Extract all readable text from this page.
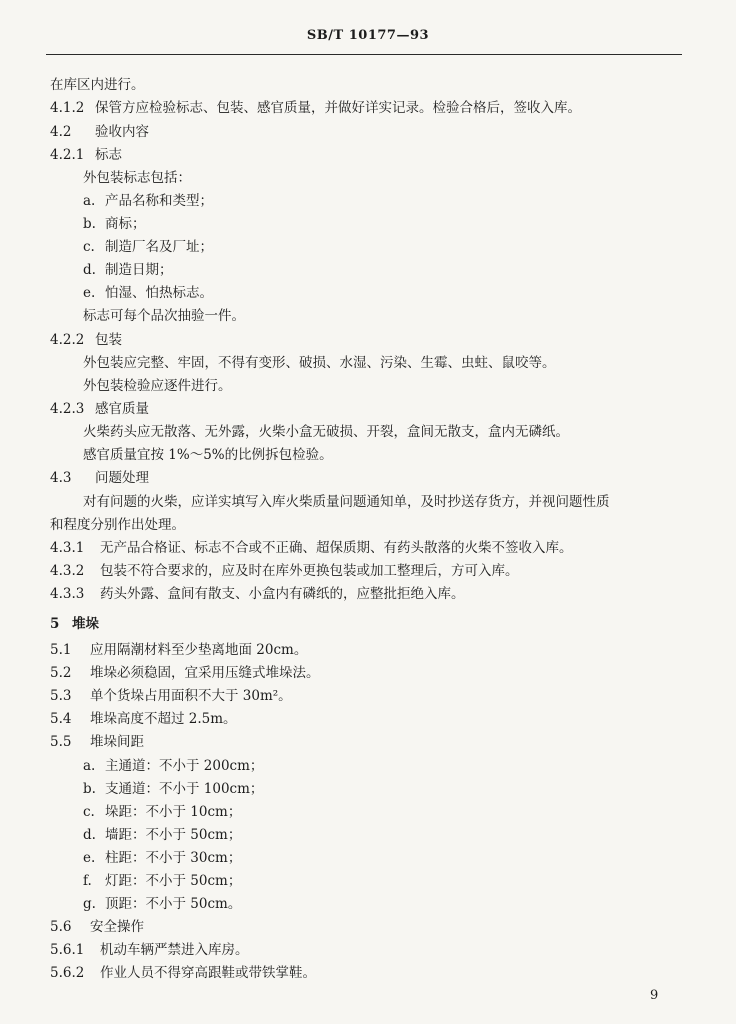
SB/T 10177—93
在库区内进行。
4.1.2 保管方应检验标志、包装、感官质量，并做好详实记录。检验合格后，签收入库。
4.2 验收内容
4.2.1 标志
外包装标志包括：
a. 产品名称和类型；
b. 商标；
c. 制造厂名及厂址；
d. 制造日期；
e. 怕湿、怕热标志。
标志可每个品次抽验一件。
4.2.2 包装
外包装应完整、牢固，不得有变形、破损、水湿、污染、生霉、虫蛀、鼠咬等。
外包装检验应逐件进行。
4.2.3 感官质量
火柴药头应无散落、无外露，火柴小盒无破损、开裂，盒间无散支，盒内无磷纸。
感官质量宜按 1%～5%的比例拆包检验。
4.3 问题处理
对有问题的火柴，应详实填写入库火柴质量问题通知单，及时抄送存货方，并视问题性质
和程度分别作出处理。
4.3.1 无产品合格证、标志不合或不正确、超保质期、有药头散落的火柴不签收入库。
4.3.2 包装不符合要求的，应及时在库外更换包装或加工整理后，方可入库。
4.3.3 药头外露、盒间有散支、小盒内有磷纸的，应整批拒绝入库。
5 堆垛
5.1 应用隔潮材料至少垫离地面 20cm。
5.2 堆垛必须稳固，宜采用压缝式堆垛法。
5.3 单个货垛占用面积不大于 30m²。
5.4 堆垛高度不超过 2.5m。
5.5 堆垛间距
a. 主通道：不小于 200cm；
b. 支通道：不小于 100cm；
c. 垛距：不小于 10cm；
d. 墙距：不小于 50cm；
e. 柱距：不小于 30cm；
f. 灯距：不小于 50cm；
g. 顶距：不小于 50cm。
5.6 安全操作
5.6.1 机动车辆严禁进入库房。
5.6.2 作业人员不得穿高跟鞋或带铁掌鞋。
9
